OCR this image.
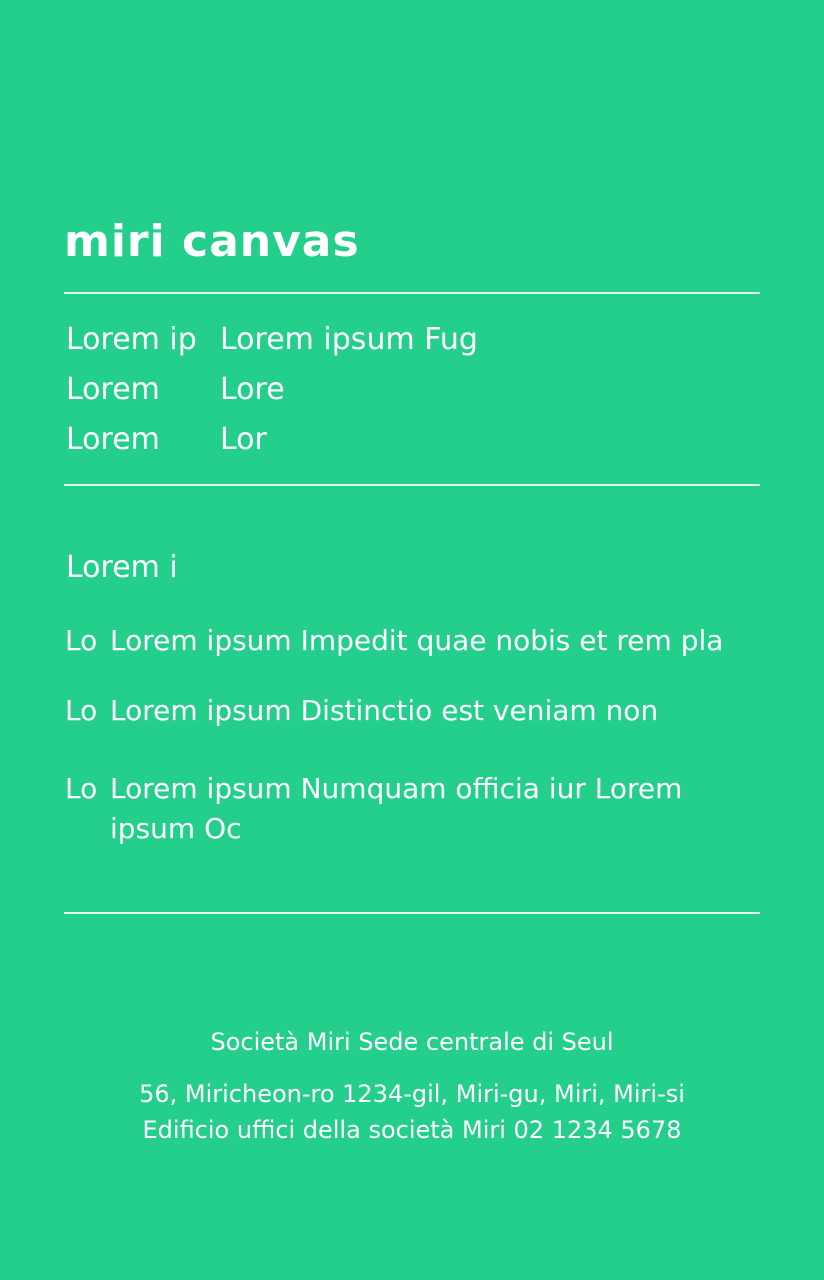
miri canvas
Lorem ip Lorem ipsum Fug
Lorem Lore
Lorem Lor
Lorem i
Lo Lorem ipsum Impedit quae nobis et rem pla
Lo Lorem ipsum Distinctio est veniam non
Lo Lorem ipsum Numquam officia iur Lorem ipsum Oc
Società Miri Sede centrale di Seul
56, Miricheon-ro 1234-gil, Miri-gu, Miri, Miri-si
Edificio uffici della società Miri 02 1234 5678
